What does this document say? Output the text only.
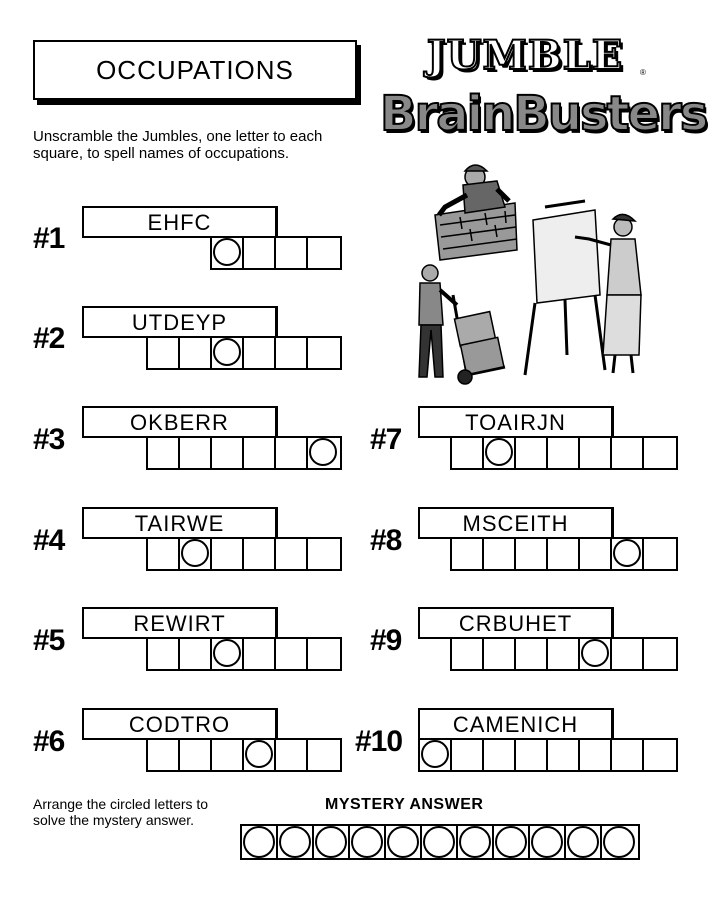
OCCUPATIONS	JUMBLE	®
BrainBusters
Unscramble the Jumbles, one letter to each square, to spell names of occupations.
#1	EHFC
#2	UTDEYP
#3
OKBERR
#4
TAIRWE
#5
REWIRT
#6
CODTRO
#7
TOAIRJN
#8
MSCEITH
#9
CRBUHET
#10
CAMENICH
Arrange the circled letters to solve the mystery answer.
MYSTERY ANSWER
